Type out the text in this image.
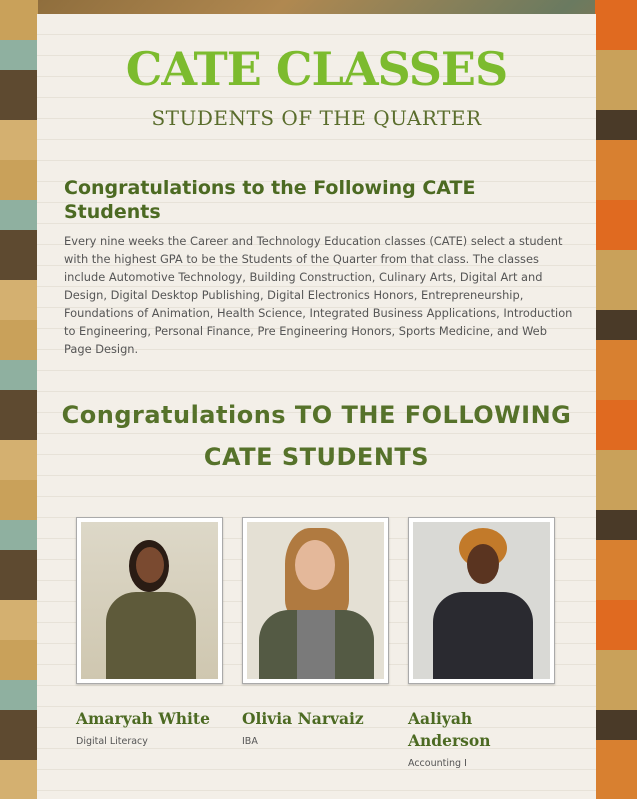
CATE CLASSES
STUDENTS OF THE QUARTER
Congratulations to the Following CATE Students

Every nine weeks the Career and Technology Education classes (CATE) select a student with the highest GPA to be the Students of the Quarter from that class. The classes include Automotive Technology, Building Construction, Culinary Arts, Digital Art and Design, Digital Desktop Publishing, Digital Electronics Honors, Entrepreneurship, Foundations of Animation, Health Science, Integrated Business Applications, Introduction to Engineering, Personal Finance, Pre Engineering Honors, Sports Medicine, and Web Page Design.

Congratulations TO THE FOLLOWING CATE STUDENTS
Amaryah White
Digital Literacy
Olivia Narvaiz
IBA
Aaliyah Anderson
Accounting I
